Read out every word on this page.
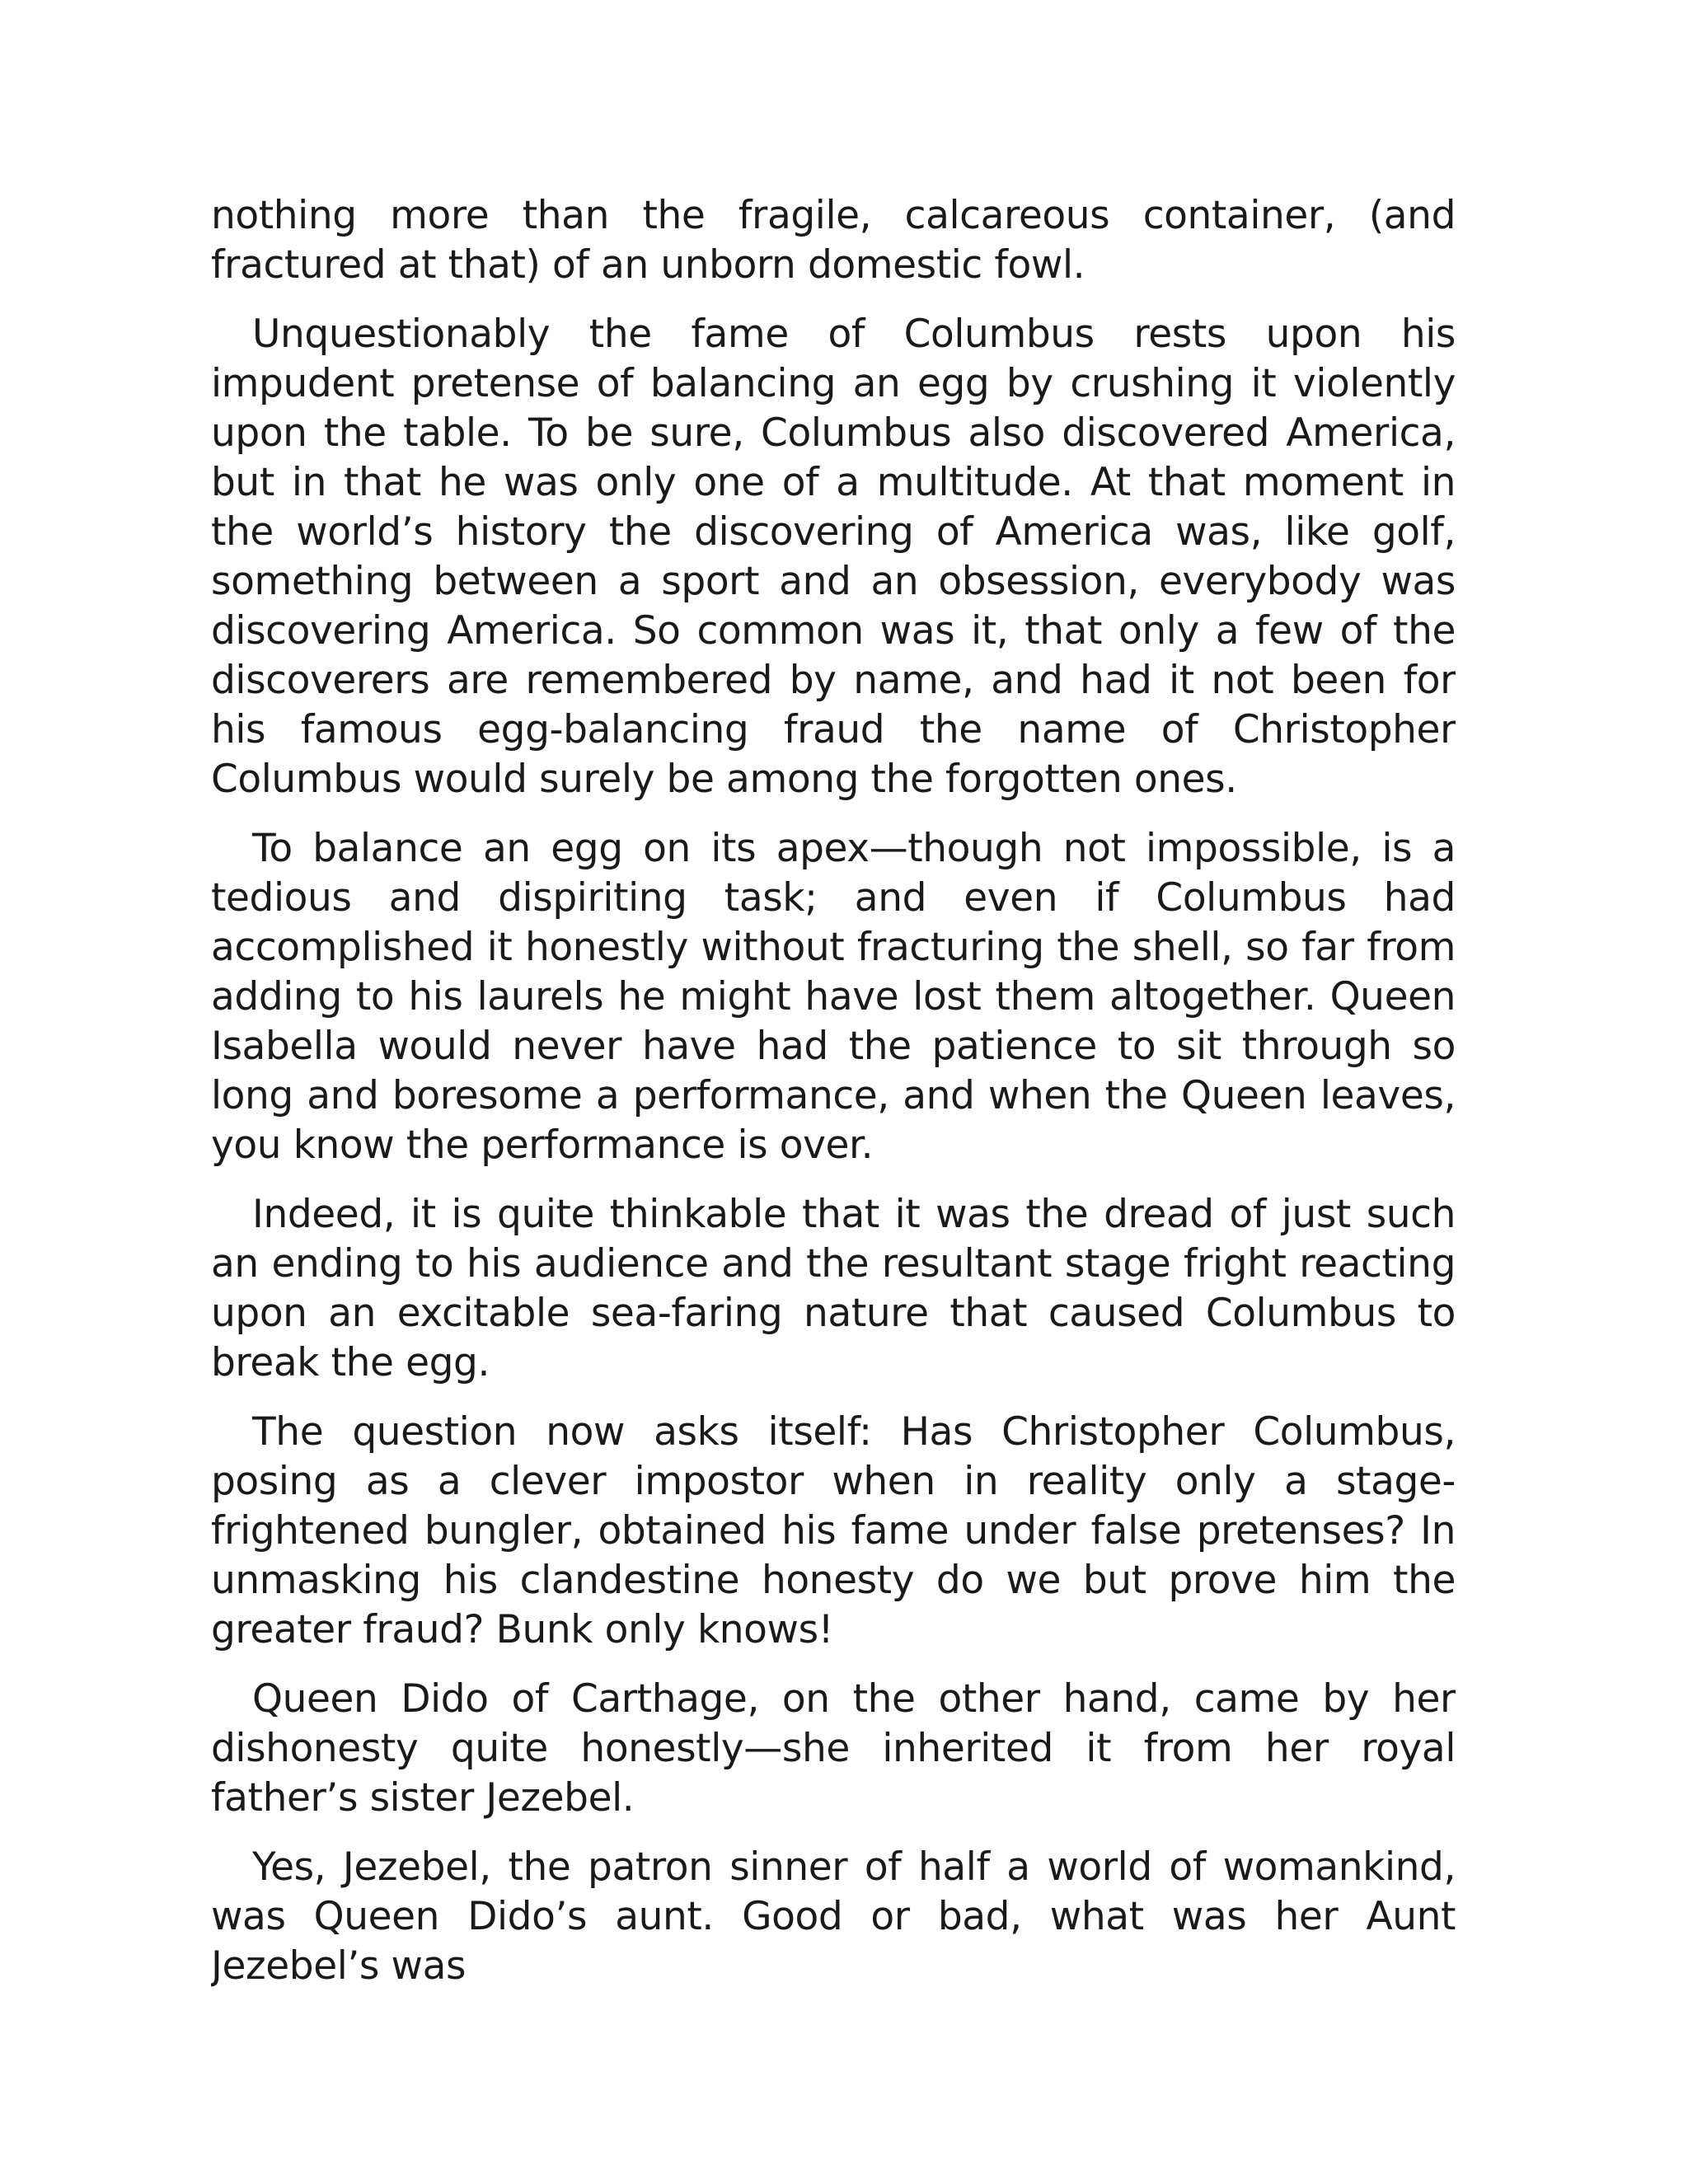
nothing more than the fragile, calcareous container, (and fractured at that) of an unborn domestic fowl.

Unquestionably the fame of Columbus rests upon his impudent pretense of balancing an egg by crushing it violently upon the table. To be sure, Columbus also discovered America, but in that he was only one of a multitude. At that moment in the world’s history the discovering of America was, like golf, something between a sport and an obsession, everybody was discovering America. So common was it, that only a few of the discoverers are remembered by name, and had it not been for his famous egg-balancing fraud the name of Christopher Columbus would surely be among the forgotten ones.

To balance an egg on its apex—though not impossible, is a tedious and dispiriting task; and even if Columbus had accomplished it honestly without fracturing the shell, so far from adding to his laurels he might have lost them altogether. Queen Isabella would never have had the patience to sit through so long and boresome a performance, and when the Queen leaves, you know the performance is over.

Indeed, it is quite thinkable that it was the dread of just such an ending to his audience and the resultant stage fright reacting upon an excitable sea-faring nature that caused Columbus to break the egg.

The question now asks itself: Has Christopher Columbus, posing as a clever impostor when in reality only a stage-frightened bungler, obtained his fame under false pretenses? In unmasking his clandestine honesty do we but prove him the greater fraud? Bunk only knows!

Queen Dido of Carthage, on the other hand, came by her dishonesty quite honestly—she inherited it from her royal father’s sister Jezebel.

Yes, Jezebel, the patron sinner of half a world of womankind, was Queen Dido’s aunt. Good or bad, what was her Aunt Jezebel’s was
